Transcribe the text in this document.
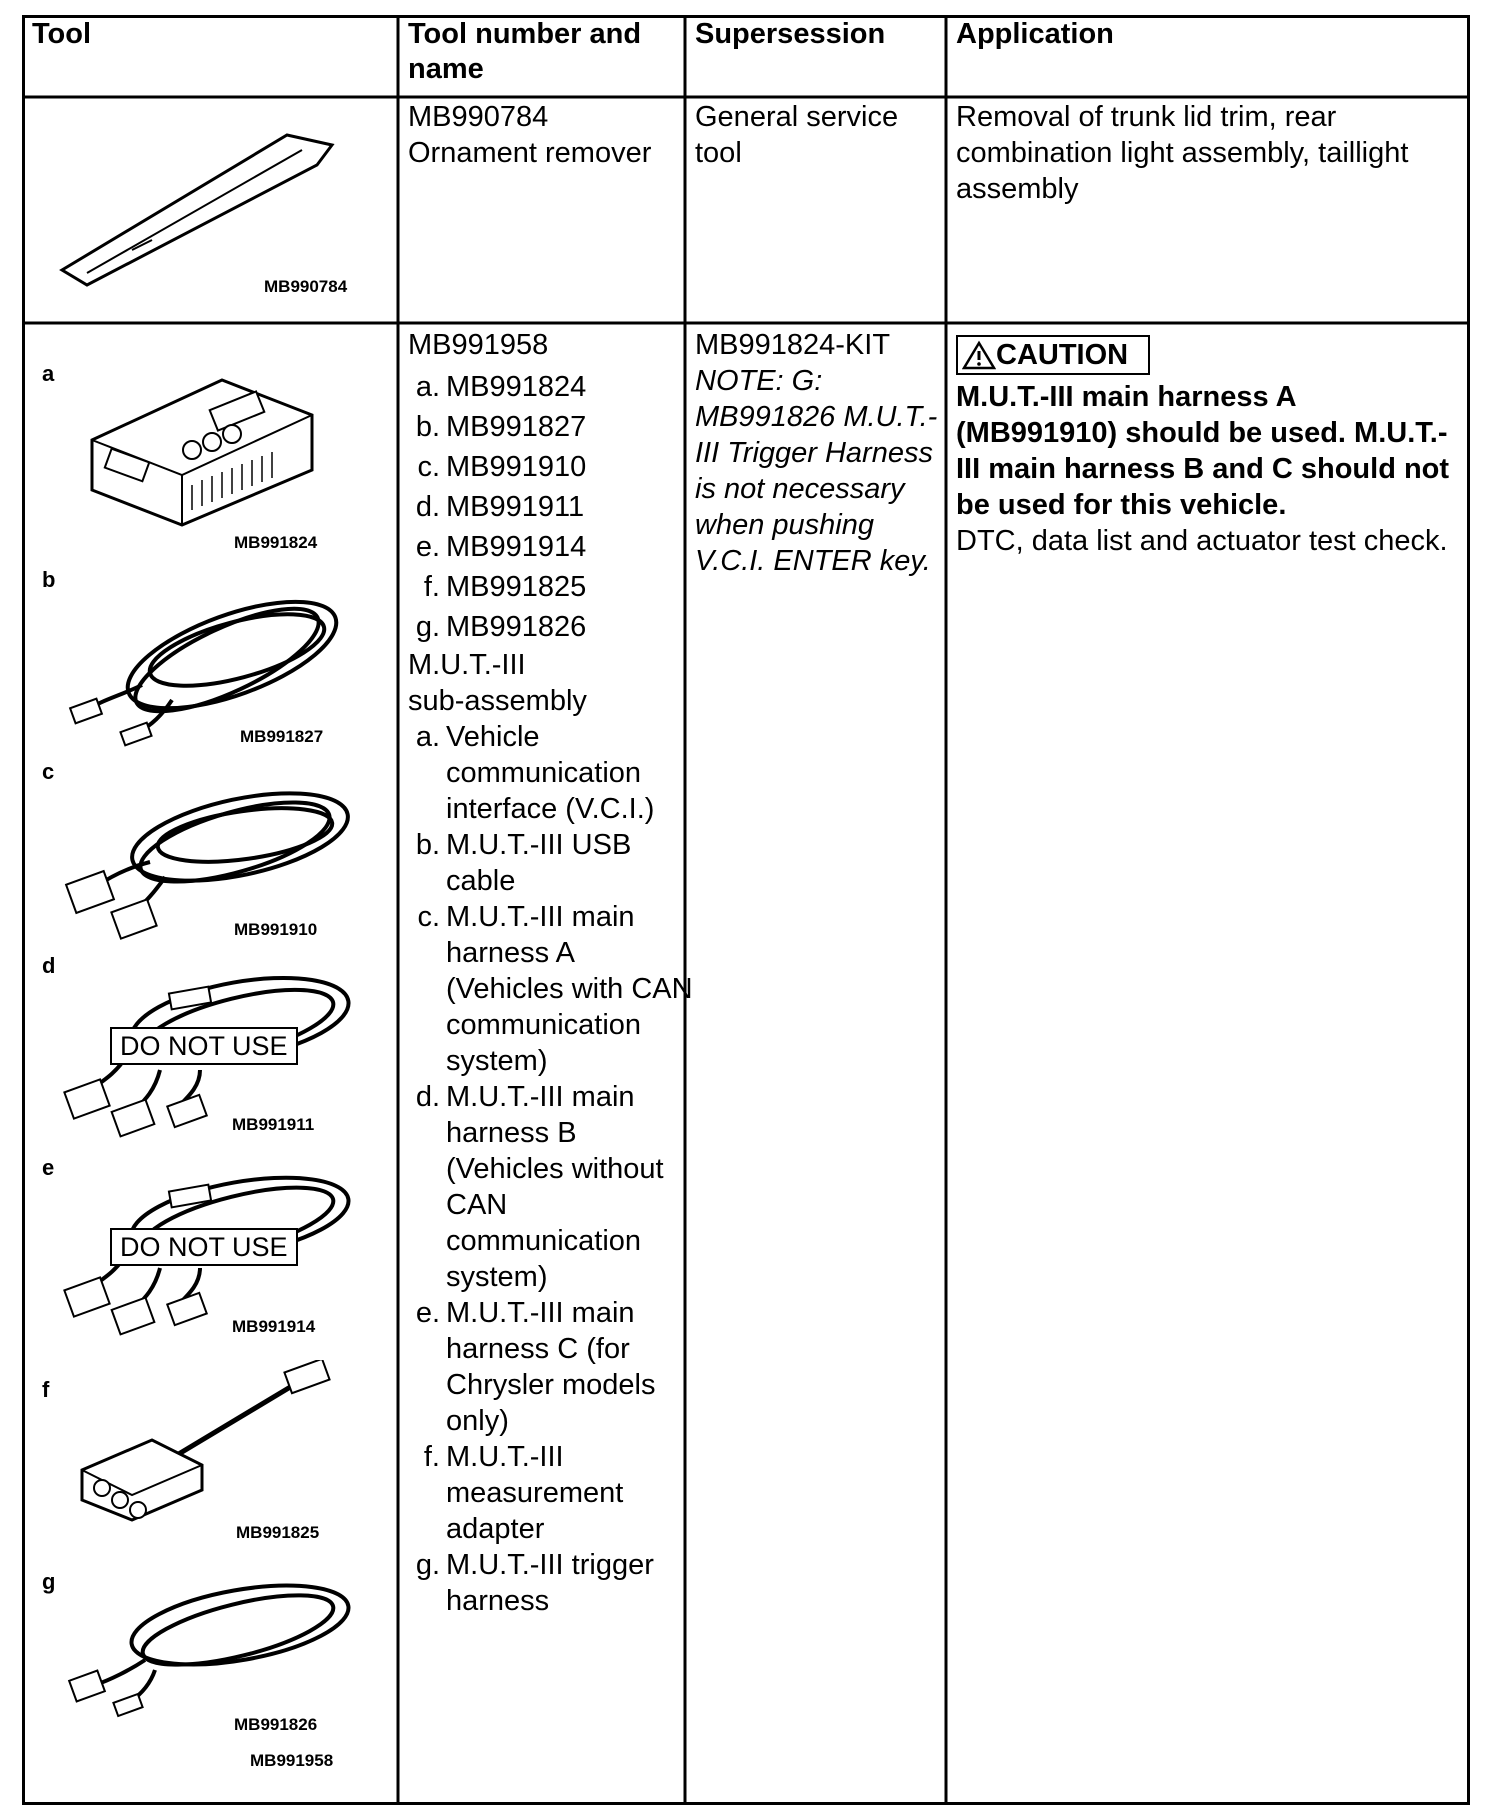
Tool	Tool number and name
Supersession Application
MB990784
MB990784
Ornament remover
General service tool
Removal of trunk lid trim, rear combination light assembly, taillight assembly
a
MB991824
b
MB991827
c
MB991910
d
DO NOT USE
MB991911
e
DO NOT USE
MB991914
f
MB991825
g
MB991826
MB991958
MB991958
a. MB991824
b. MB991827
c. MB991910
d. MB991911
e. MB991914
f. MB991825
g. MB991826
M.U.T.-III
sub-assembly
a. Vehicle communication interface (V.C.I.)
b. M.U.T.-III USB cable
c. M.U.T.-III main harness A (Vehicles with CAN communication system)
d. M.U.T.-III main harness B (Vehicles without CAN communication system)
e. M.U.T.-III main harness C (for Chrysler models only)
f. M.U.T.-III measurement adapter
g. M.U.T.-III trigger harness
MB991824-KIT
NOTE: G: MB991826 M.U.T.-III Trigger Harness is not necessary when pushing V.C.I. ENTER key.
CAUTION
M.U.T.-III main harness A (MB991910) should be used. M.U.T.-III main harness B and C should not be used for this vehicle.
DTC, data list and actuator test check.
